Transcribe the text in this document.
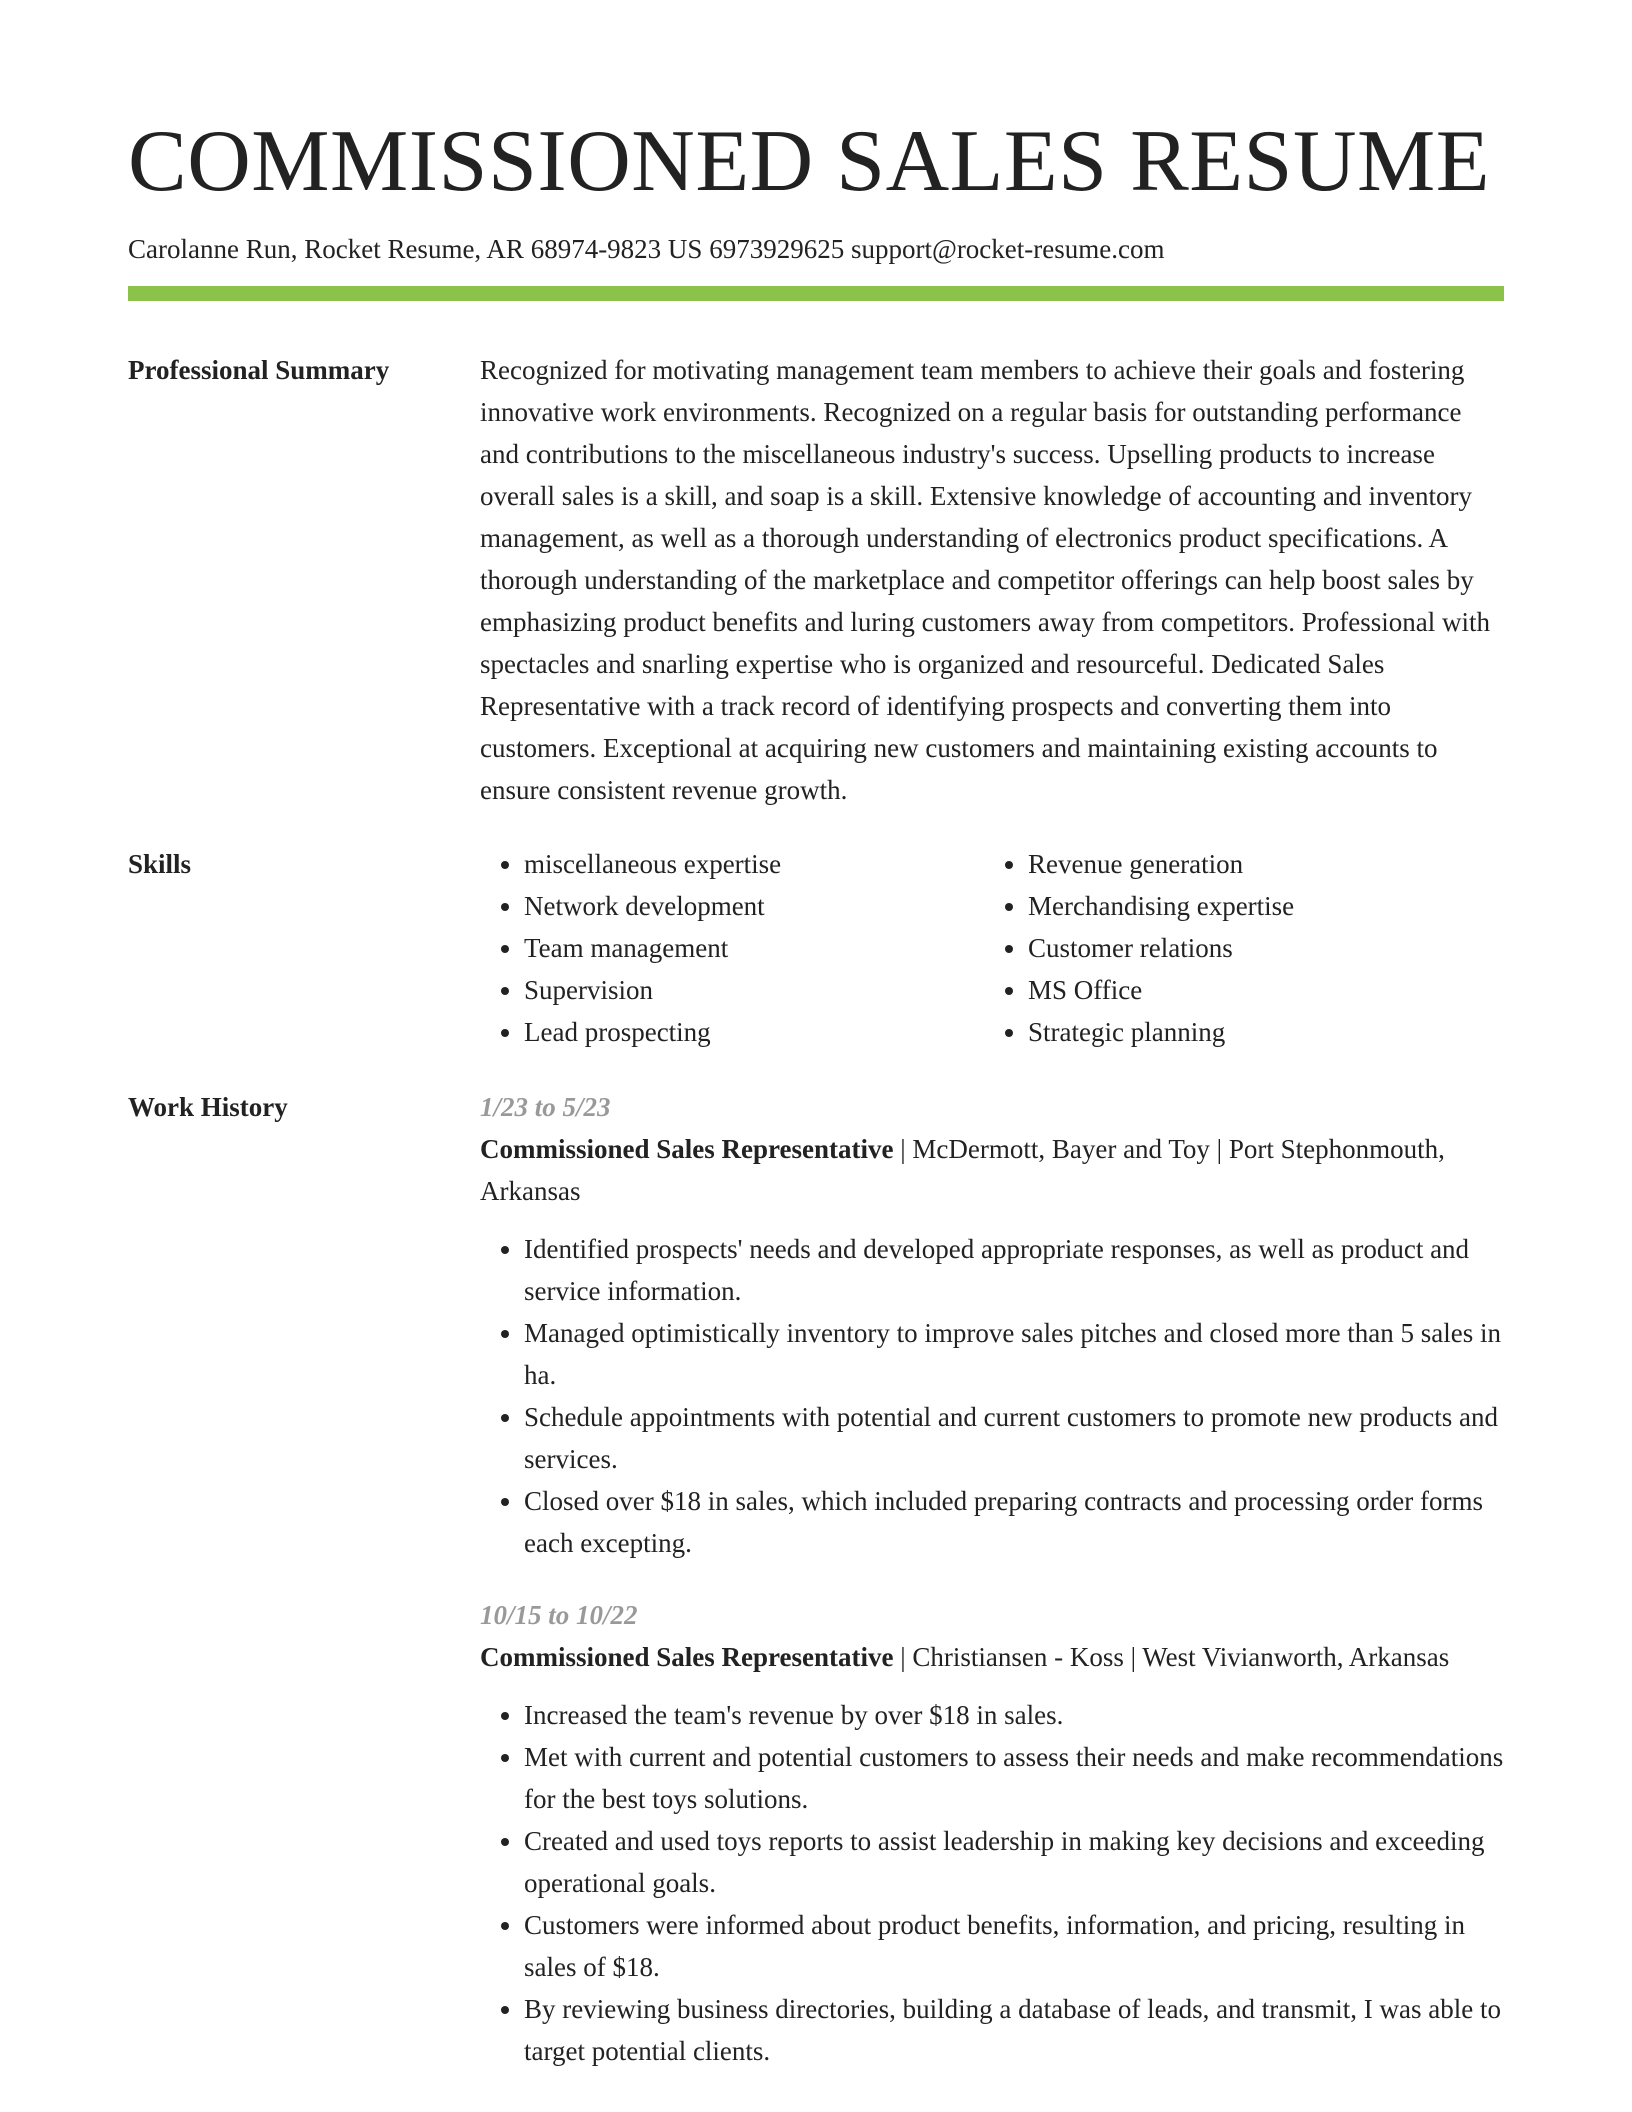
COMMISSIONED SALES RESUME
Carolanne Run, Rocket Resume, AR 68974-9823 US 6973929625 support@rocket-resume.com
Professional Summary	Recognized for motivating management team members to achieve their goals and fostering innovative work environments. Recognized on a regular basis for outstanding performance and contributions to the miscellaneous industry's success. Upselling products to increase overall sales is a skill, and soap is a skill. Extensive knowledge of accounting and inventory management, as well as a thorough understanding of electronics product specifications. A thorough understanding of the marketplace and competitor offerings can help boost sales by emphasizing product benefits and luring customers away from competitors. Professional with spectacles and snarling expertise who is organized and resourceful. Dedicated Sales Representative with a track record of identifying prospects and converting them into customers. Exceptional at acquiring new customers and maintaining existing accounts to ensure consistent revenue growth.

Skills
•	miscellaneous expertise
• Network development
• Team management
• Supervision
• Lead prospecting
• Revenue generation
• Merchandising expertise
• Customer relations
• MS Office
• Strategic planning
Work History	1/23 to 5/23
Commissioned Sales Representative | McDermott, Bayer and Toy | Port Stephonmouth, Arkansas
• Identified prospects' needs and developed appropriate responses, as well as product and service information.
• Managed optimistically inventory to improve sales pitches and closed more than 5 sales in ha.
• Schedule appointments with potential and current customers to promote new products and services.
• Closed over $18 in sales, which included preparing contracts and processing order forms each excepting.
10/15 to 10/22
Commissioned Sales Representative | Christiansen - Koss | West Vivianworth, Arkansas
• Increased the team's revenue by over $18 in sales.
• Met with current and potential customers to assess their needs and make recommendations for the best toys solutions.
• Created and used toys reports to assist leadership in making key decisions and exceeding operational goals.
• Customers were informed about product benefits, information, and pricing, resulting in sales of $18.
• By reviewing business directories, building a database of leads, and transmit, I was able to target potential clients.
